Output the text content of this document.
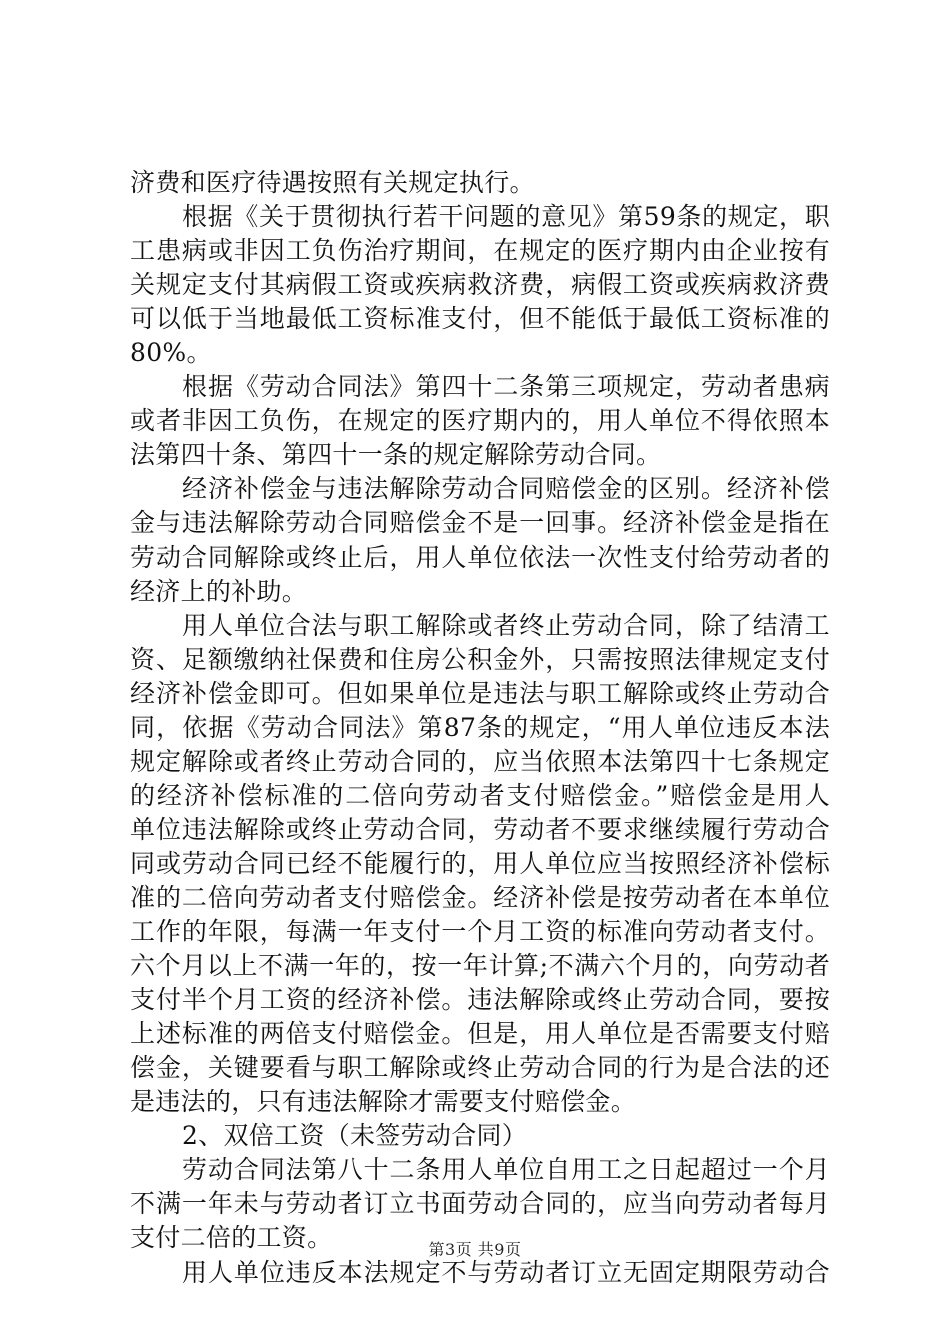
济费和医疗待遇按照有关规定执行。
根据《关于贯彻执行若干问题的意见》第59条的规定，职
工患病或非因工负伤治疗期间，在规定的医疗期内由企业按有
关规定支付其病假工资或疾病救济费，病假工资或疾病救济费
可以低于当地最低工资标准支付，但不能低于最低工资标准的
80%。
根据《劳动合同法》第四十二条第三项规定，劳动者患病
或者非因工负伤，在规定的医疗期内的，用人单位不得依照本
法第四十条、第四十一条的规定解除劳动合同。
经济补偿金与违法解除劳动合同赔偿金的区别。经济补偿
金与违法解除劳动合同赔偿金不是一回事。经济补偿金是指在
劳动合同解除或终止后，用人单位依法一次性支付给劳动者的
经济上的补助。
用人单位合法与职工解除或者终止劳动合同，除了结清工
资、足额缴纳社保费和住房公积金外，只需按照法律规定支付
经济补偿金即可。但如果单位是违法与职工解除或终止劳动合
同，依据《劳动合同法》第87条的规定，“用人单位违反本法
规定解除或者终止劳动合同的，应当依照本法第四十七条规定
的经济补偿标准的二倍向劳动者支付赔偿金。”赔偿金是用人
单位违法解除或终止劳动合同，劳动者不要求继续履行劳动合
同或劳动合同已经不能履行的，用人单位应当按照经济补偿标
准的二倍向劳动者支付赔偿金。经济补偿是按劳动者在本单位
工作的年限，每满一年支付一个月工资的标准向劳动者支付。
六个月以上不满一年的，按一年计算;不满六个月的，向劳动者
支付半个月工资的经济补偿。违法解除或终止劳动合同，要按
上述标准的两倍支付赔偿金。但是，用人单位是否需要支付赔
偿金，关键要看与职工解除或终止劳动合同的行为是合法的还
是违法的，只有违法解除才需要支付赔偿金。
2、双倍工资（未签劳动合同）
劳动合同法第八十二条用人单位自用工之日起超过一个月
不满一年未与劳动者订立书面劳动合同的，应当向劳动者每月
支付二倍的工资。
用人单位违反本法规定不与劳动者订立无固定期限劳动合
第3页 共9页
